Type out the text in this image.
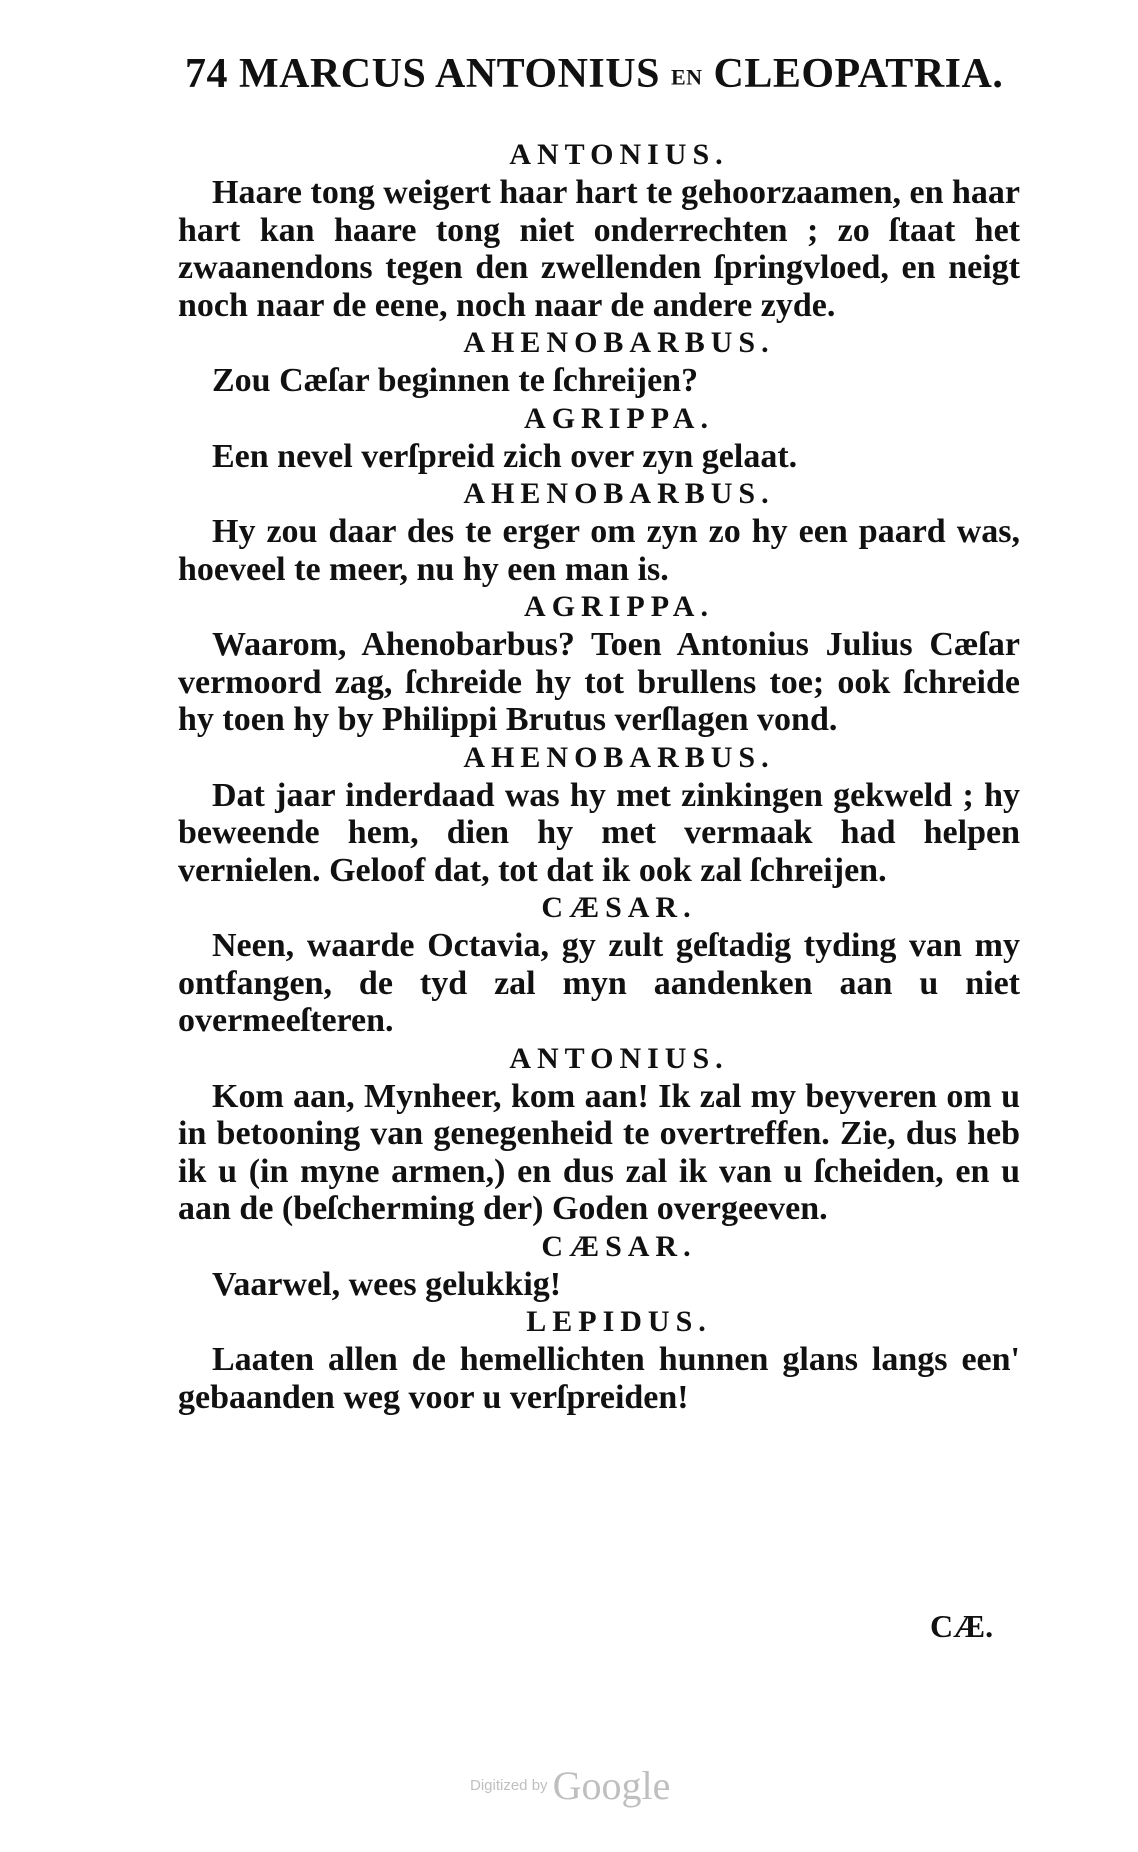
74 MARCUS ANTONIUS EN CLEOPATRIA.
ANTONIUS.

Haare tong weigert haar hart te gehoorzaamen, en haar hart kan haare tong niet onderrechten ; zo ſtaat het zwaanendons tegen den zwellenden ſpringvloed, en neigt noch naar de eene, noch naar de andere zyde.

AHENOBARBUS.

Zou Cæſar beginnen te ſchreijen?

AGRIPPA.

Een nevel verſpreid zich over zyn gelaat.

AHENOBARBUS.

Hy zou daar des te erger om zyn zo hy een paard was, hoeveel te meer, nu hy een man is.

AGRIPPA.

Waarom, Ahenobarbus? Toen Antonius Julius Cæſar vermoord zag, ſchreide hy tot brullens toe; ook ſchreide hy toen hy by Philippi Brutus verſlagen vond.

AHENOBARBUS.

Dat jaar inderdaad was hy met zinkingen gekweld ; hy beweende hem, dien hy met vermaak had helpen vernielen. Geloof dat, tot dat ik ook zal ſchreijen.

CÆSAR.

Neen, waarde Octavia, gy zult geſtadig tyding van my ontfangen, de tyd zal myn aandenken aan u niet overmeeſteren.

ANTONIUS.

Kom aan, Mynheer, kom aan! Ik zal my beyveren om u in betooning van genegenheid te overtreffen. Zie, dus heb ik u (in myne armen,) en dus zal ik van u ſcheiden, en u aan de (beſcherming der) Goden overgeeven.

CÆSAR.

Vaarwel, wees gelukkig!

LEPIDUS.

Laaten allen de hemellichten hunnen glans langs een' gebaanden weg voor u verſpreiden!

CÆ.
Digitized by Google
